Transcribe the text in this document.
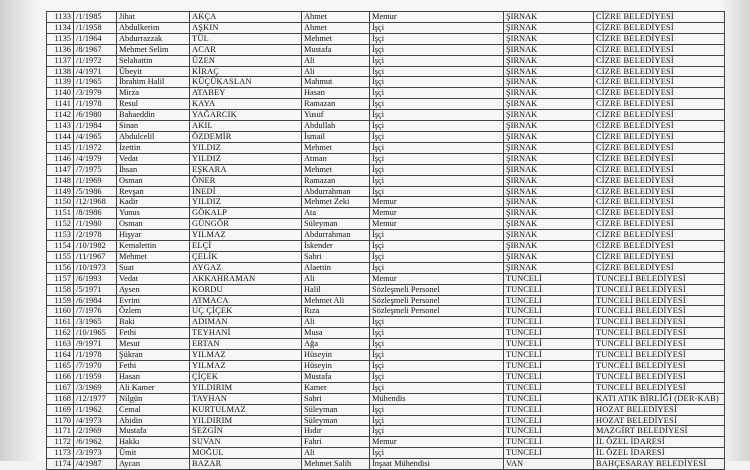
1133	/1/1985	Jihat	AKÇA	Ahmet	Memur	ŞIRNAK	CİZRE BELEDİYESİ
1134	/1/1958	Abdulkerim	AŞKIN	Ahmet	İşçi	ŞIRNAK	CİZRE BELEDİYESİ
1135	/1/1964	Abdurrazzak	TÜL	Mehmet	İşçi	ŞIRNAK	CİZRE BELEDİYESİ
1136	/8/1967	Mehmet Selim	ACAR	Mustafa	İşçi	ŞIRNAK	CİZRE BELEDİYESİ
1137	/1/1972	Selahattin	ÜZEN	Ali	İşçi	ŞIRNAK	CİZRE BELEDİYESİ
1138	/4/1971	Übeyit	KİRAÇ	Ali	İşçi	ŞIRNAK	CİZRE BELEDİYESİ
1139	/1/1965	İbrahim Halil	KÜÇÜKASLAN	Mahmut	İşçi	ŞIRNAK	CİZRE BELEDİYESİ
1140	/3/1979	Mirza	ATABEY	Hasan	İşçi	ŞIRNAK	CİZRE BELEDİYESİ
1141	/1/1978	Resul	KAYA	Ramazan	İşçi	ŞIRNAK	CİZRE BELEDİYESİ
1142	/6/1980	Bahaeddin	YAĞARCIK	Yusuf	İşçi	ŞIRNAK	CİZRE BELEDİYESİ
1143	/1/1984	Sinan	AKIL	Abdullah	İşçi	ŞIRNAK	CİZRE BELEDİYESİ
1144	/4/1965	Abdulcelil	ÖZDEMİR	İsmail	İşçi	ŞIRNAK	CİZRE BELEDİYESİ
1145	/1/1972	İzettin	YILDIZ	Mehmet	İşçi	ŞIRNAK	CİZRE BELEDİYESİ
1146	/4/1979	Vedat	YILDIZ	Atman	İşçi	ŞIRNAK	CİZRE BELEDİYESİ
1147	/7/1975	İhsan	EŞKARA	Mehmet	İşçi	ŞIRNAK	CİZRE BELEDİYESİ
1148	/1/1969	Osman	ÖNER	Ramazan	İşçi	ŞIRNAK	CİZRE BELEDİYESİ
1149	/5/1986	Revşan	İNEDİ	Abdurrahman	İşçi	ŞIRNAK	CİZRE BELEDİYESİ
1150	/12/1968	Kadir	YILDIZ	Mehmet Zeki	Memur	ŞIRNAK	CİZRE BELEDİYESİ
1151	/8/1986	Yunus	GÖKALP	Ata	Memur	ŞIRNAK	CİZRE BELEDİYESİ
1152	/1/1980	Osman	GÜNGÖR	Süleyman	Memur	ŞIRNAK	CİZRE BELEDİYESİ
1153	/2/1978	Hişyar	YILMAZ	Abdurrahman	İşçi	ŞIRNAK	CİZRE BELEDİYESİ
1154	/10/1982	Kemalettin	ELÇİ	İskender	İşçi	ŞIRNAK	CİZRE BELEDİYESİ
1155	/11/1967	Mehmet	ÇELİK	Sabri	İşçi	ŞIRNAK	CİZRE BELEDİYESİ
1156	/10/1973	Suat	AYGAZ	Alaettin	İşçi	ŞIRNAK	CİZRE BELEDİYESİ
1157	/6/1993	Vedat	AKKAHRAMAN	Ali	Memur	TUNCELİ	TUNCELİ BELEDİYESİ
1158	/5/1971	Aysen	KORDU	Halil	Sözleşmeli Personel	TUNCELİ	TUNCELİ BELEDİYESİ
1159	/6/1984	Evrim	ATMACA	Mehmet Ali	Sözleşmeli Personel	TUNCELİ	TUNCELİ BELEDİYESİ
1160	/7/1976	Özlem	UÇ ÇİÇEK	Rıza	Sözleşmeli Personel	TUNCELİ	TUNCELİ BELEDİYESİ
1161	/3/1965	Baki	ADIMAN	Ali	İşçi	TUNCELİ	TUNCELİ BELEDİYESİ
1162	/10/1965	Fethi	TEYHANİ	Musa	İşçi	TUNCELİ	TUNCELİ BELEDİYESİ
1163	/9/1971	Mesut	ERTAN	Ağa	İşçi	TUNCELİ	TUNCELİ BELEDİYESİ
1164	/1/1978	Şükran	YILMAZ	Hüseyin	İşçi	TUNCELİ	TUNCELİ BELEDİYESİ
1165	/7/1970	Fethi	YILMAZ	Hüseyin	İşçi	TUNCELİ	TUNCELİ BELEDİYESİ
1166	/1/1959	Hasan	ÇİÇEK	Mustafa	İşçi	TUNCELİ	TUNCELİ BELEDİYESİ
1167	/3/1969	Ali Kamer	YILDIRIM	Kamer	İşçi	TUNCELİ	TUNCELİ BELEDİYESİ
1168	/12/1977	Nilgün	TAYHAN	Sabri	Mühendis	TUNCELİ	KATI ATIK BİRLİĞİ (DER-KAB)
1169	/1/1962	Cemal	KURTULMAZ	Süleyman	İşçi	TUNCELİ	HOZAT BELEDİYESİ
1170	/4/1973	Abidin	YILDIRIM	Süleyman	İşçi	TUNCELİ	HOZAT BELEDİYESİ
1171	/2/1969	Mustafa	SEZGİN	Hıdır	İşçi	TUNCELİ	MAZGİRT BELEDİYESİ
1172	/6/1962	Hakkı	SUVAN	Fahri	Memur	TUNCELİ	İL ÖZEL İDARESİ
1173	/3/1973	Ümit	MOĞUL	Ali	İşçi	TUNCELİ	İL ÖZEL İDARESİ
1174	/4/1987	Aycan	BAZAR	Mehmet Salih	İnşaat Mühendisi	VAN	BAHÇESARAY BELEDİYESİ
